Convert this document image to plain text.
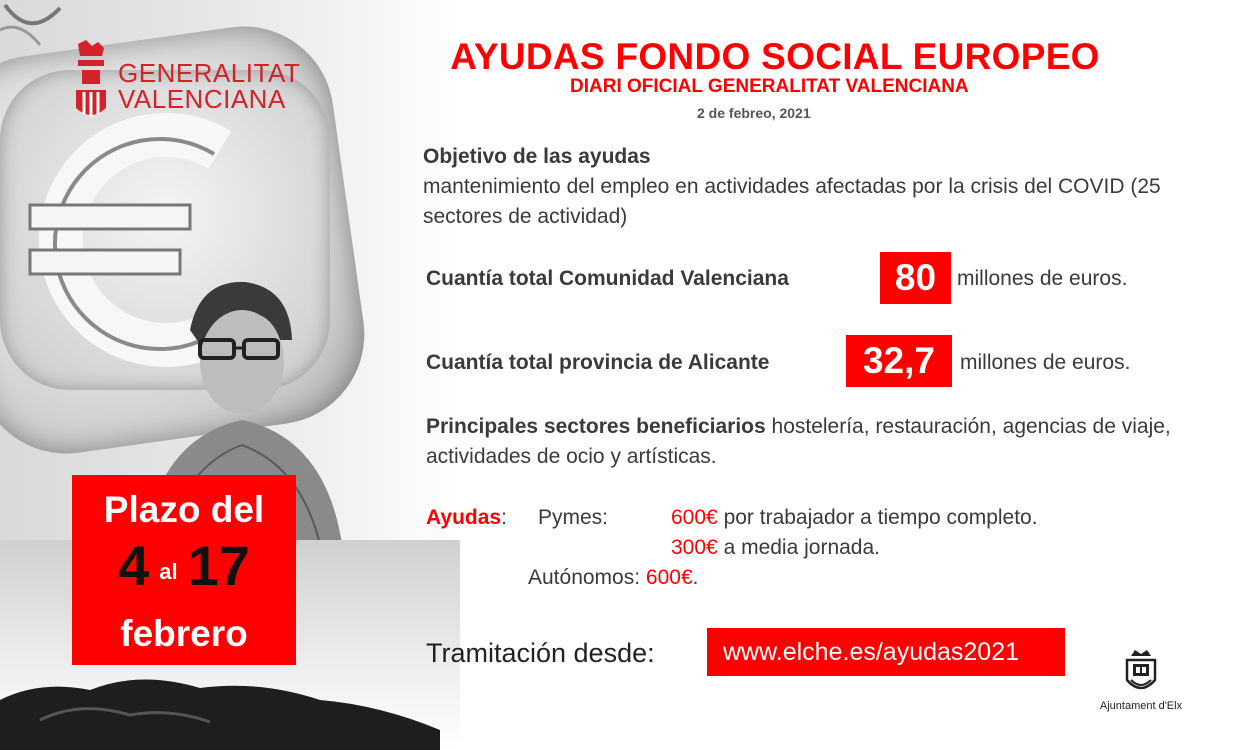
GENERALITAT
VALENCIANA
Plazo del
4 al 17
febrero
AYUDAS FONDO SOCIAL EUROPEO
DIARI OFICIAL GENERALITAT VALENCIANA
2 de febreo, 2021
Objetivo de las ayudas
mantenimiento del empleo en actividades afectadas por la crisis del COVID (25 sectores de actividad)
Cuantía total Comunidad Valenciana	80 millones de euros.
Cuantía total provincia de Alicante	32,7	millones de euros.
Principales sectores beneficiarios hostelería, restauración, agencias de viaje, actividades de ocio y artísticas.
Ayudas: Pymes:	600€ por trabajador a tiempo completo.
300€ a media jornada.
Autónomos: 600€.
Tramitación desde:	www.elche.es/ayudas2021
Ajuntament d'Elx
